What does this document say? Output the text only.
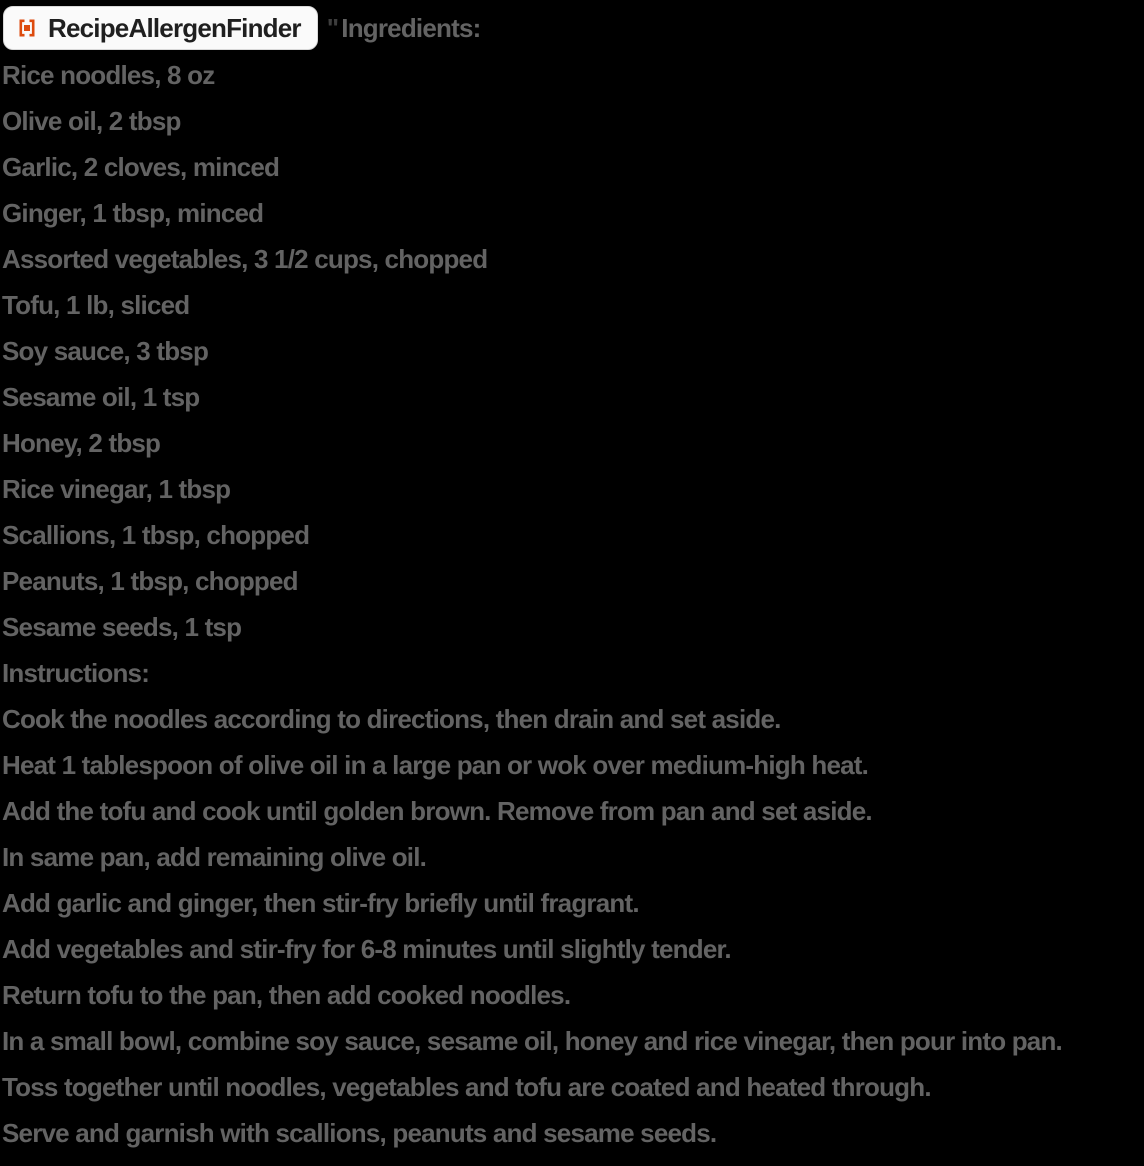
RecipeAllergenFinder " Ingredients:
Rice noodles, 8 oz
Olive oil, 2 tbsp
Garlic, 2 cloves, minced
Ginger, 1 tbsp, minced
Assorted vegetables, 3 1/2 cups, chopped
Tofu, 1 lb, sliced
Soy sauce, 3 tbsp
Sesame oil, 1 tsp
Honey, 2 tbsp
Rice vinegar, 1 tbsp
Scallions, 1 tbsp, chopped
Peanuts, 1 tbsp, chopped
Sesame seeds, 1 tsp
Instructions:
Cook the noodles according to directions, then drain and set aside.
Heat 1 tablespoon of olive oil in a large pan or wok over medium-high heat.
Add the tofu and cook until golden brown. Remove from pan and set aside.
In same pan, add remaining olive oil.
Add garlic and ginger, then stir-fry briefly until fragrant.
Add vegetables and stir-fry for 6-8 minutes until slightly tender.
Return tofu to the pan, then add cooked noodles.
In a small bowl, combine soy sauce, sesame oil, honey and rice vinegar, then pour into pan.
Toss together until noodles, vegetables and tofu are coated and heated through.
Serve and garnish with scallions, peanuts and sesame seeds.
